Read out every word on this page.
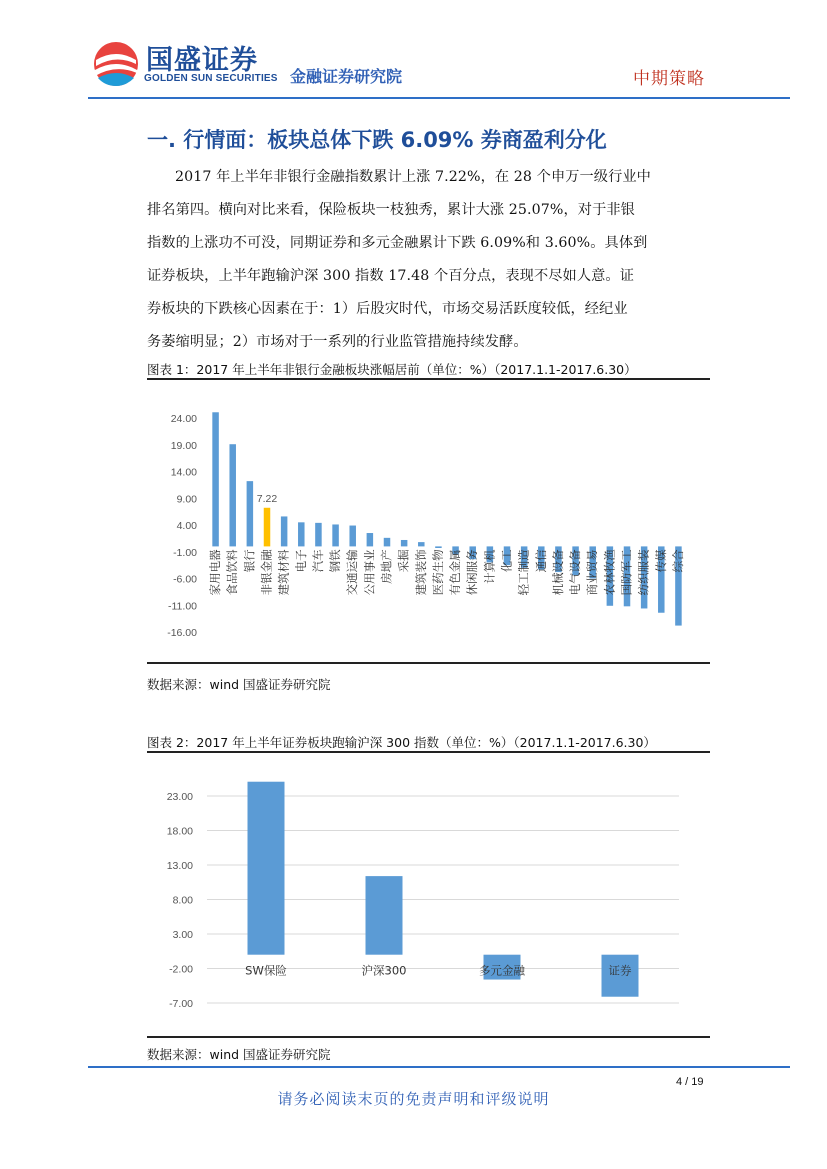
国盛证券
GOLDEN SUN SECURITIES 金融证券研究院	中期策略
一. 行情面：板块总体下跌 6.09% 券商盈利分化
2017 年上半年非银行金融指数累计上涨 7.22%，在 28 个申万一级行业中
排名第四。横向对比来看，保险板块一枝独秀，累计大涨 25.07%，对于非银
指数的上涨功不可没，同期证券和多元金融累计下跌 6.09%和 3.60%。具体到
证券板块，上半年跑输沪深 300 指数 17.48 个百分点，表现不尽如人意。证
券板块的下跌核心因素在于：1）后股灾时代，市场交易活跃度较低，经纪业
务萎缩明显；2）市场对于一系列的行业监管措施持续发酵。
图表 1：2017 年上半年非银行金融板块涨幅居前（单位：%）（2017.1.1-2017.6.30）
24.00
19.00
14.00
9.00
4.00
-1.00
-6.00
-11.00
-16.00
家用电器 食品饮料 银行 非银金融 建筑材料 电子 汽车 钢铁 交通运输 公用事业 房地产 采掘 建筑装饰 医药生物 有色金属 休闲服务 计算机 化工 轻工制造 通信 机械设备 电气设备 商业贸易 农林牧渔 国防军工 纺织服装 传媒 综合
7.22
数据来源：wind 国盛证券研究院
图表 2：2017 年上半年证券板块跑输沪深 300 指数（单位：%）（2017.1.1-2017.6.30）
23.00
18.00
13.00
8.00
3.00
-2.00
-7.00
SW保险	沪深300	多元金融	证券
数据来源：wind 国盛证券研究院
4 / 19
请务必阅读末页的免责声明和评级说明
